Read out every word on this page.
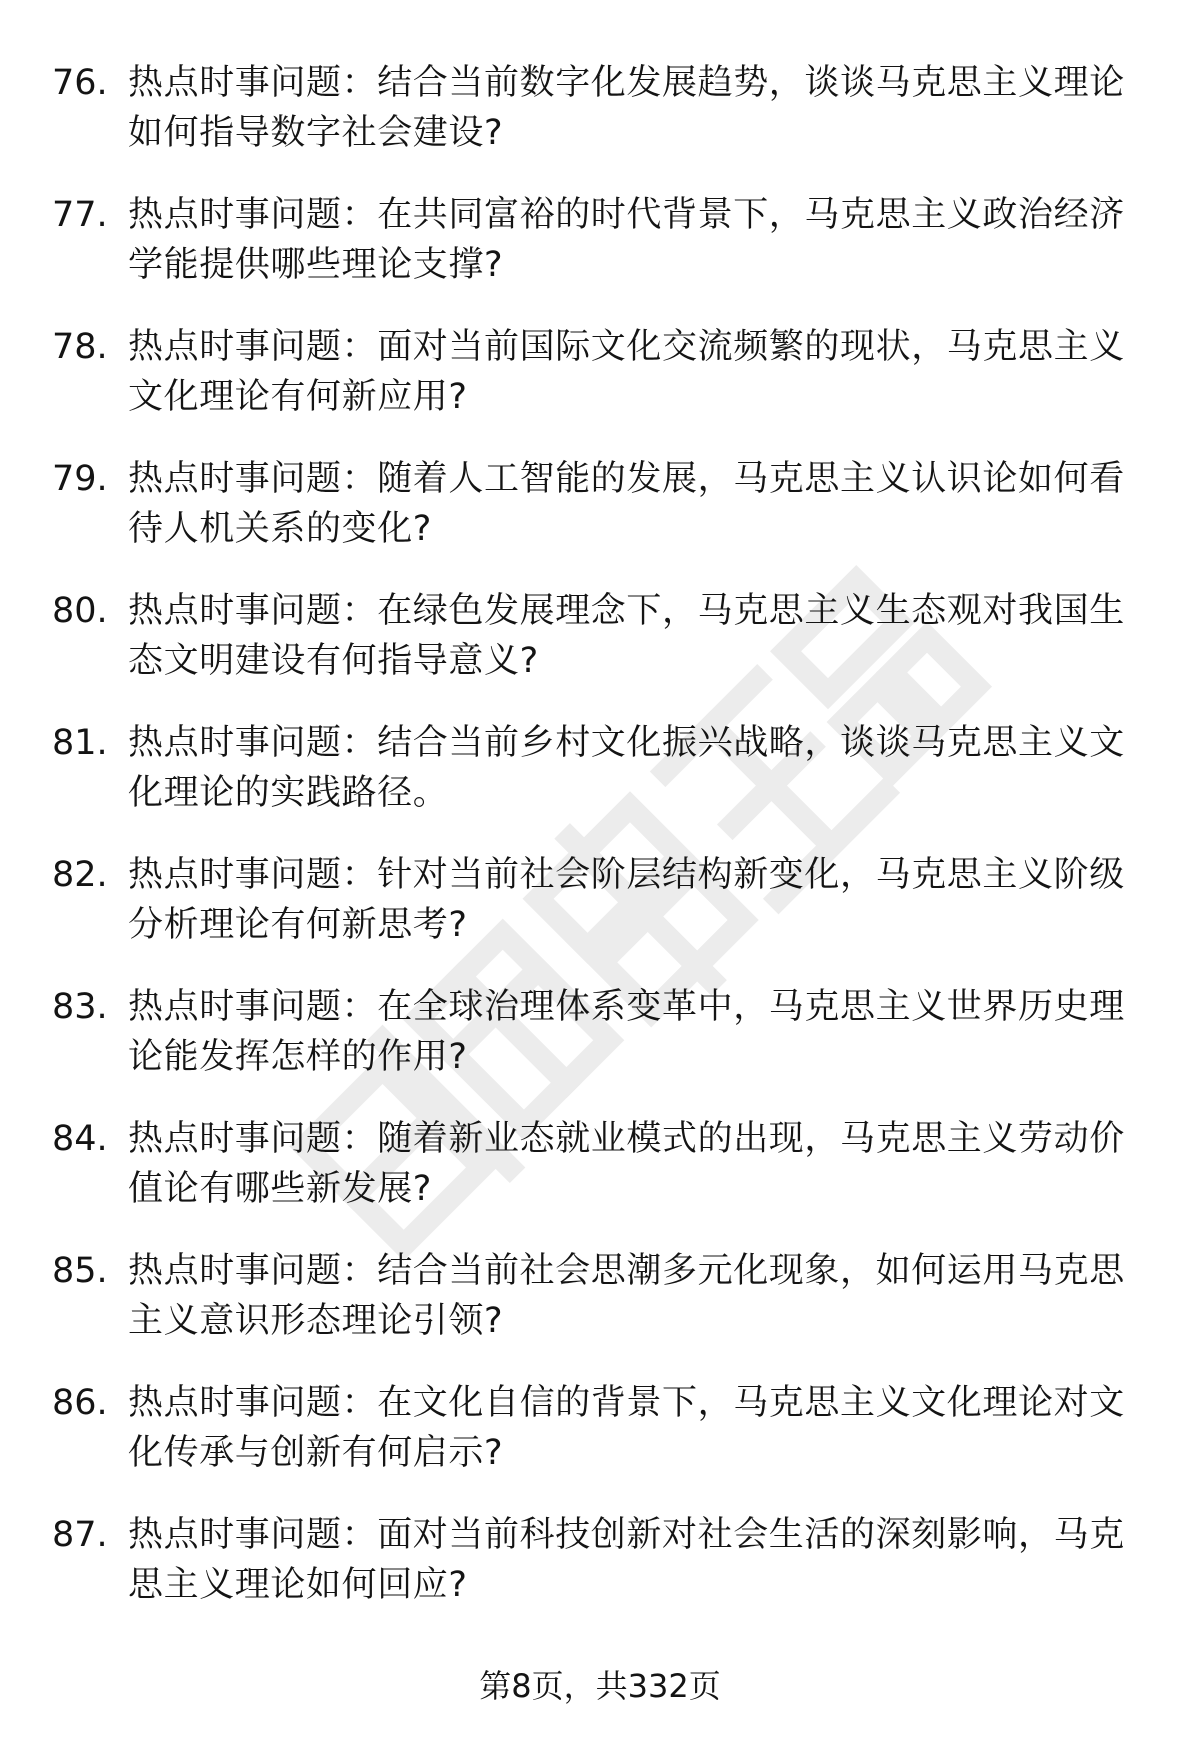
76. 热点时事问题：结合当前数字化发展趋势，谈谈马克思主义理论如何指导数字社会建设?
77. 热点时事问题：在共同富裕的时代背景下，马克思主义政治经济学能提供哪些理论支撑?
78. 热点时事问题：面对当前国际文化交流频繁的现状，马克思主义文化理论有何新应用?
79. 热点时事问题：随着人工智能的发展，马克思主义认识论如何看待人机关系的变化?
80. 热点时事问题：在绿色发展理念下，马克思主义生态观对我国生态文明建设有何指导意义?
81. 热点时事问题：结合当前乡村文化振兴战略，谈谈马克思主义文化理论的实践路径。
82. 热点时事问题：针对当前社会阶层结构新变化，马克思主义阶级分析理论有何新思考?
83. 热点时事问题：在全球治理体系变革中，马克思主义世界历史理论能发挥怎样的作用?
84. 热点时事问题：随着新业态就业模式的出现，马克思主义劳动价值论有哪些新发展?
85. 热点时事问题：结合当前社会思潮多元化现象，如何运用马克思主义意识形态理论引领?
86. 热点时事问题：在文化自信的背景下，马克思主义文化理论对文化传承与创新有何启示?
87. 热点时事问题：面对当前科技创新对社会生活的深刻影响，马克思主义理论如何回应?
第8页，共332页
